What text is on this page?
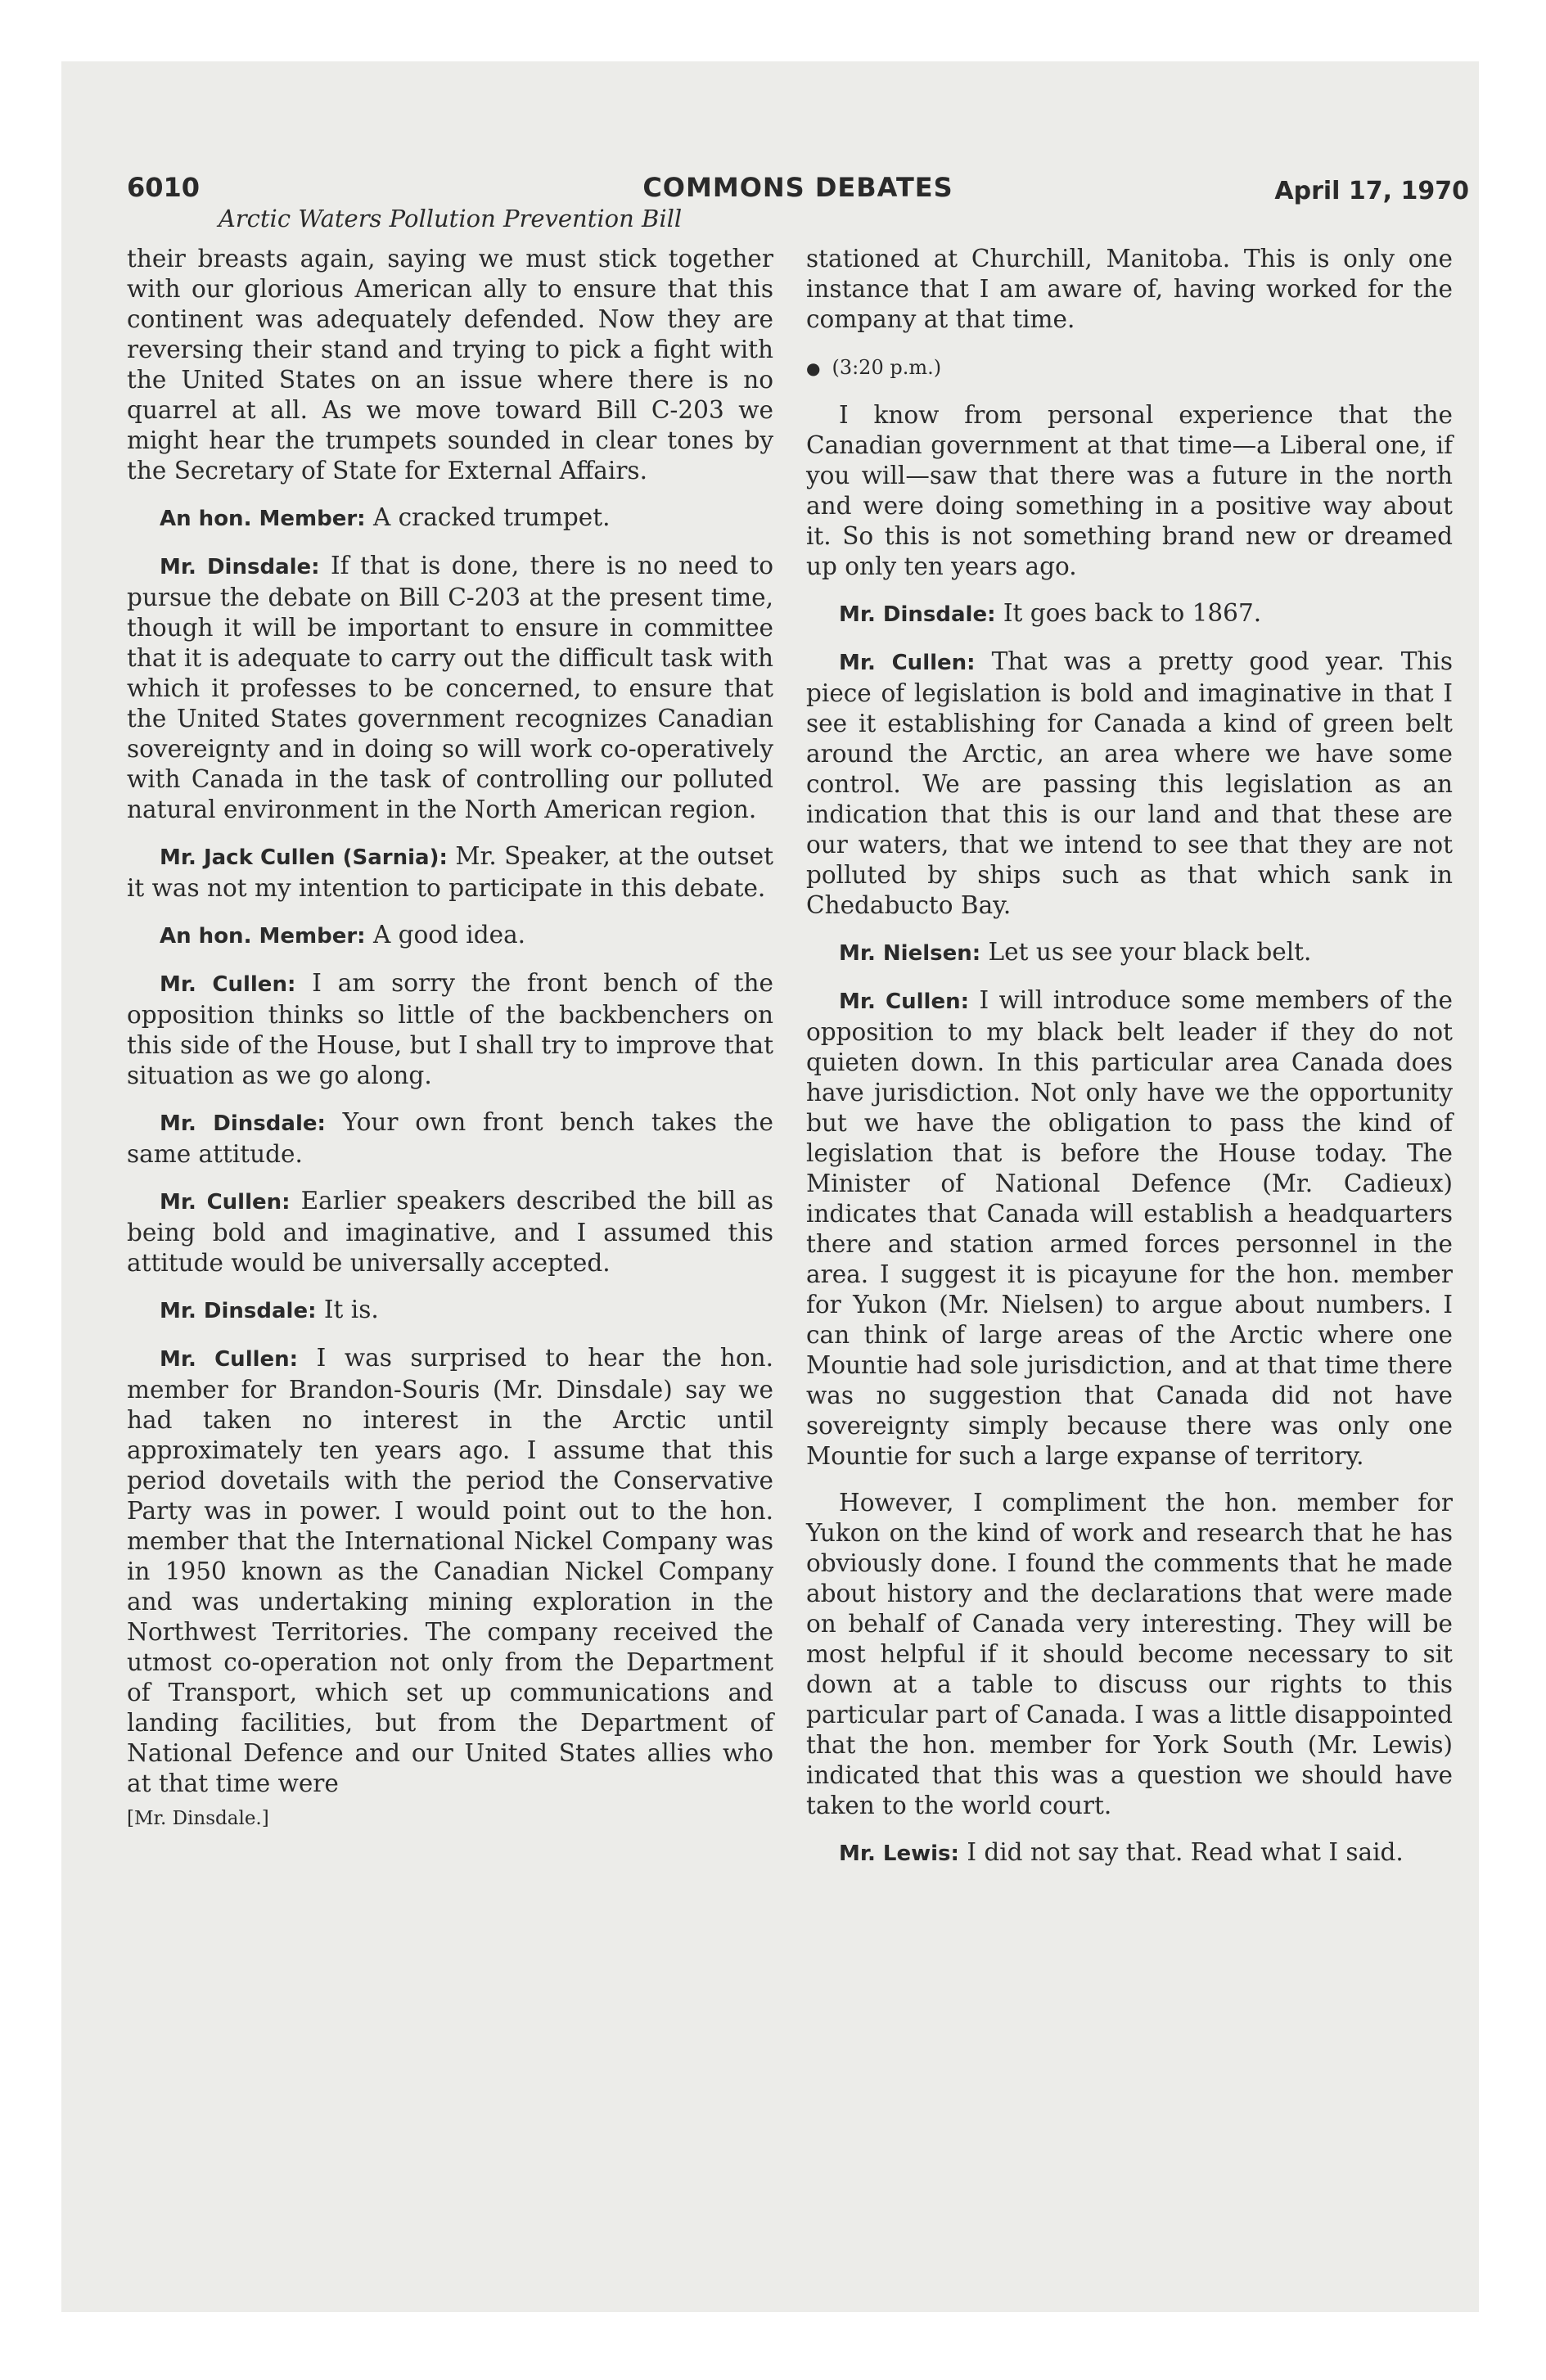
6010	COMMONS DEBATES	April 17, 1970
Arctic Waters Pollution Prevention Bill

their breasts again, saying we must stick together with our glorious American ally to ensure that this continent was adequately defended. Now they are reversing their stand and trying to pick a fight with the United States on an issue where there is no quarrel at all. As we move toward Bill C-203 we might hear the trumpets sounded in clear tones by the Secretary of State for External Affairs.

An hon. Member: A cracked trumpet.

Mr. Dinsdale: If that is done, there is no need to pursue the debate on Bill C-203 at the present time, though it will be important to ensure in committee that it is adequate to carry out the difficult task with which it professes to be concerned, to ensure that the United States government recognizes Canadian sovereignty and in doing so will work co-operatively with Canada in the task of controlling our polluted natural environment in the North American region.

Mr. Jack Cullen (Sarnia): Mr. Speaker, at the outset it was not my intention to participate in this debate.

An hon. Member: A good idea.

Mr. Cullen: I am sorry the front bench of the opposition thinks so little of the backbenchers on this side of the House, but I shall try to improve that situation as we go along.

Mr. Dinsdale: Your own front bench takes the same attitude.

Mr. Cullen: Earlier speakers described the bill as being bold and imaginative, and I assumed this attitude would be universally accepted.

Mr. Dinsdale: It is.

Mr. Cullen: I was surprised to hear the hon. member for Brandon-Souris (Mr. Dinsdale) say we had taken no interest in the Arctic until approximately ten years ago. I assume that this period dovetails with the period the Conservative Party was in power. I would point out to the hon. member that the International Nickel Company was in 1950 known as the Canadian Nickel Company and was undertaking mining exploration in the Northwest Territories. The company received the utmost co-operation not only from the Department of Transport, which set up communications and landing facilities, but from the Department of National Defence and our United States allies who at that time were

[Mr. Dinsdale.]

stationed at Churchill, Manitoba. This is only one instance that I am aware of, having worked for the company at that time.

● (3:20 p.m.)

I know from personal experience that the Canadian government at that time—a Liberal one, if you will—saw that there was a future in the north and were doing something in a positive way about it. So this is not something brand new or dreamed up only ten years ago.

Mr. Dinsdale: It goes back to 1867.

Mr. Cullen: That was a pretty good year. This piece of legislation is bold and imaginative in that I see it establishing for Canada a kind of green belt around the Arctic, an area where we have some control. We are passing this legislation as an indication that this is our land and that these are our waters, that we intend to see that they are not polluted by ships such as that which sank in Chedabucto Bay.

Mr. Nielsen: Let us see your black belt.

Mr. Cullen: I will introduce some members of the opposition to my black belt leader if they do not quieten down. In this particular area Canada does have jurisdiction. Not only have we the opportunity but we have the obligation to pass the kind of legislation that is before the House today. The Minister of National Defence (Mr. Cadieux) indicates that Canada will establish a headquarters there and station armed forces personnel in the area. I suggest it is picayune for the hon. member for Yukon (Mr. Nielsen) to argue about numbers. I can think of large areas of the Arctic where one Mountie had sole jurisdiction, and at that time there was no suggestion that Canada did not have sovereignty simply because there was only one Mountie for such a large expanse of territory.

However, I compliment the hon. member for Yukon on the kind of work and research that he has obviously done. I found the comments that he made about history and the declarations that were made on behalf of Canada very interesting. They will be most helpful if it should become necessary to sit down at a table to discuss our rights to this particular part of Canada. I was a little disappointed that the hon. member for York South (Mr. Lewis) indicated that this was a question we should have taken to the world court.

Mr. Lewis: I did not say that. Read what I said.
